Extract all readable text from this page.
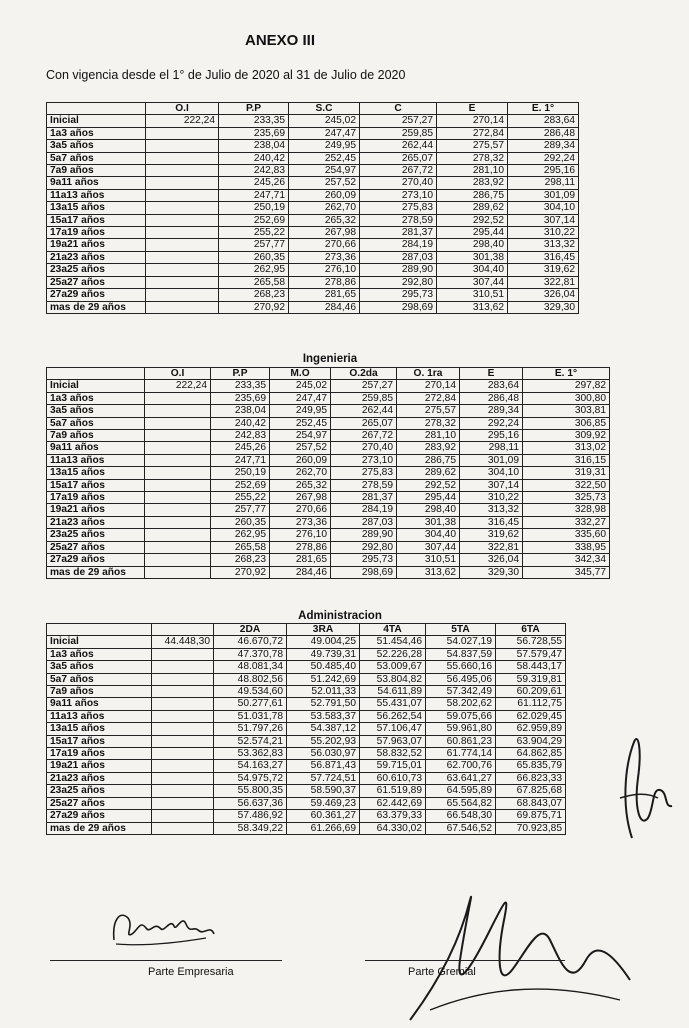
ANEXO III
Con vigencia desde el 1° de Julio de 2020 al 31 de Julio de 2020
	O.I	P.P	S.C	C	E	E. 1°
Inicial	222,24	233,35	245,02	257,27	270,14	283,64
1a3 años		235,69	247,47	259,85	272,84	286,48
3a5 años		238,04	249,95	262,44	275,57	289,34
5a7 años		240,42	252,45	265,07	278,32	292,24
7a9 años		242,83	254,97	267,72	281,10	295,16
9a11 años		245,26	257,52	270,40	283,92	298,11
11a13 años		247,71	260,09	273,10	286,75	301,09
13a15 años		250,19	262,70	275,83	289,62	304,10
15a17 años		252,69	265,32	278,59	292,52	307,14
17a19 años		255,22	267,98	281,37	295,44	310,22
19a21 años		257,77	270,66	284,19	298,40	313,32
21a23 años		260,35	273,36	287,03	301,38	316,45
23a25 años		262,95	276,10	289,90	304,40	319,62
25a27 años		265,58	278,86	292,80	307,44	322,81
27a29 años		268,23	281,65	295,73	310,51	326,04
mas de 29 años		270,92	284,46	298,69	313,62	329,30
Ingenieria
	O.I	P.P	M.O	O.2da	O. 1ra	E	E. 1°
Inicial	222,24	233,35	245,02	257,27	270,14	283,64	297,82
1a3 años		235,69	247,47	259,85	272,84	286,48	300,80
3a5 años		238,04	249,95	262,44	275,57	289,34	303,81
5a7 años		240,42	252,45	265,07	278,32	292,24	306,85
7a9 años		242,83	254,97	267,72	281,10	295,16	309,92
9a11 años		245,26	257,52	270,40	283,92	298,11	313,02
11a13 años		247,71	260,09	273,10	286,75	301,09	316,15
13a15 años		250,19	262,70	275,83	289,62	304,10	319,31
15a17 años		252,69	265,32	278,59	292,52	307,14	322,50
17a19 años		255,22	267,98	281,37	295,44	310,22	325,73
19a21 años		257,77	270,66	284,19	298,40	313,32	328,98
21a23 años		260,35	273,36	287,03	301,38	316,45	332,27
23a25 años		262,95	276,10	289,90	304,40	319,62	335,60
25a27 años		265,58	278,86	292,80	307,44	322,81	338,95
27a29 años		268,23	281,65	295,73	310,51	326,04	342,34
mas de 29 años		270,92	284,46	298,69	313,62	329,30	345,77
Administracion
		2DA	3RA	4TA	5TA	6TA
Inicial	44.448,30	46.670,72	49.004,25	51.454,46	54.027,19	56.728,55
1a3 años		47.370,78	49.739,31	52.226,28	54.837,59	57.579,47
3a5 años		48.081,34	50.485,40	53.009,67	55.660,16	58.443,17
5a7 años		48.802,56	51.242,69	53.804,82	56.495,06	59.319,81
7a9 años		49.534,60	52.011,33	54.611,89	57.342,49	60.209,61
9a11 años		50.277,61	52.791,50	55.431,07	58.202,62	61.112,75
11a13 años		51.031,78	53.583,37	56.262,54	59.075,66	62.029,45
13a15 años		51.797,26	54.387,12	57.106,47	59.961,80	62.959,89
15a17 años		52.574,21	55.202,93	57.963,07	60.861,23	63.904,29
17a19 años		53.362,83	56.030,97	58.832,52	61.774,14	64.862,85
19a21 años		54.163,27	56.871,43	59.715,01	62.700,76	65.835,79
21a23 años		54.975,72	57.724,51	60.610,73	63.641,27	66.823,33
23a25 años		55.800,35	58.590,37	61.519,89	64.595,89	67.825,68
25a27 años		56.637,36	59.469,23	62.442,69	65.564,82	68.843,07
27a29 años		57.486,92	60.361,27	63.379,33	66.548,30	69.875,71
mas de 29 años		58.349,22	61.266,69	64.330,02	67.546,52	70.923,85
Parte Empresaria	Parte Gremial
